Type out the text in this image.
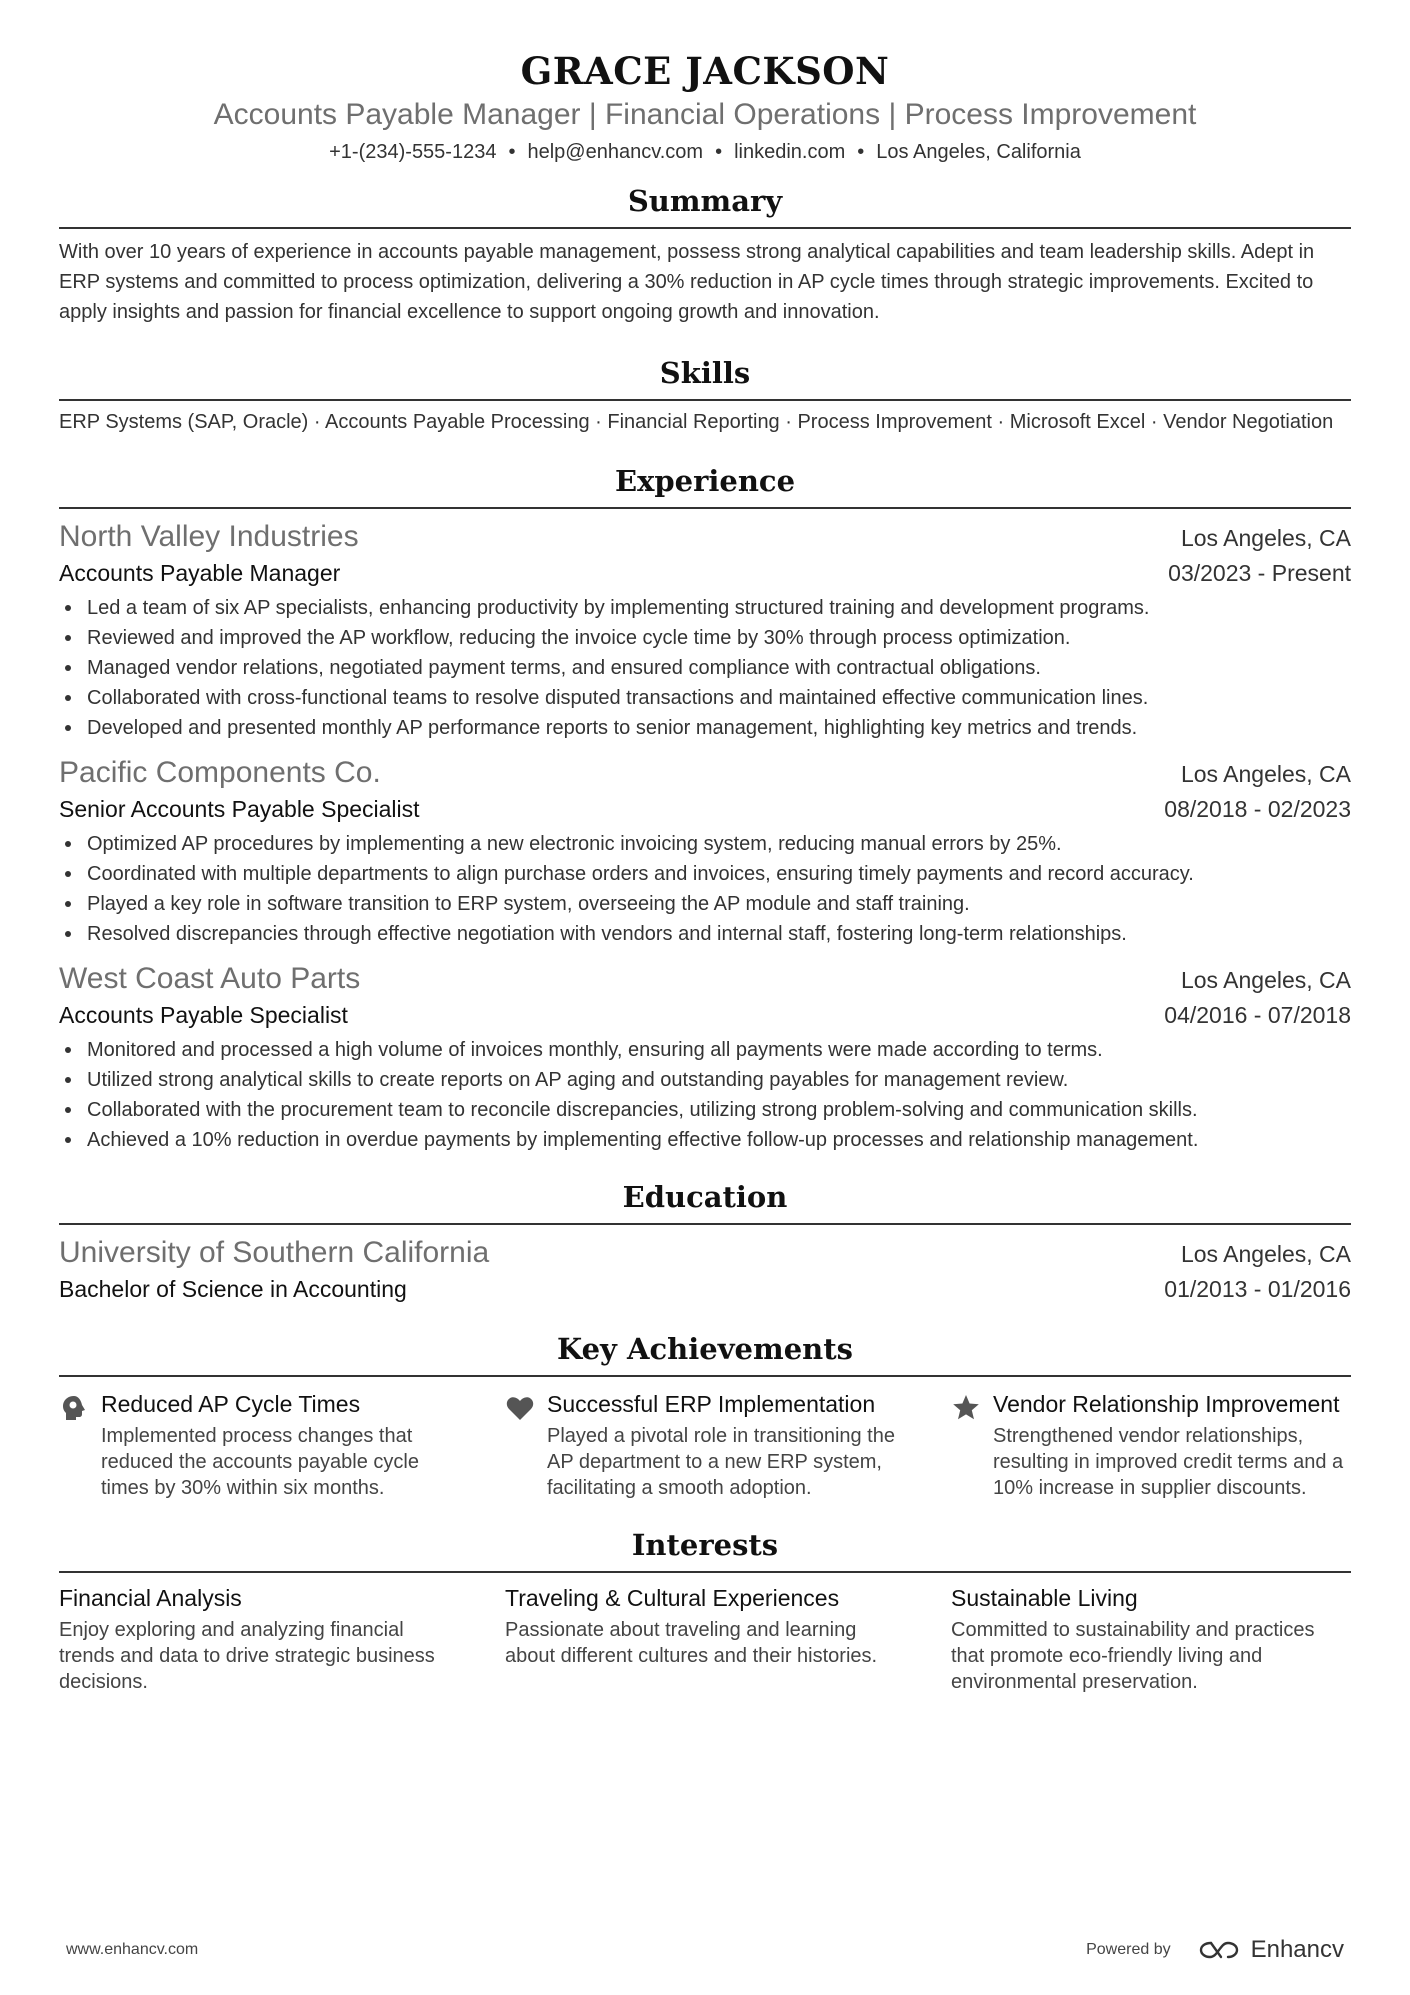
GRACE JACKSON
Accounts Payable Manager | Financial Operations | Process Improvement
+1-(234)-555-1234 • help@enhancv.com • linkedin.com • Los Angeles, California
Summary
With over 10 years of experience in accounts payable management, possess strong analytical capabilities and team leadership skills. Adept in ERP systems and committed to process optimization, delivering a 30% reduction in AP cycle times through strategic improvements. Excited to apply insights and passion for financial excellence to support ongoing growth and innovation.
Skills
ERP Systems (SAP, Oracle) · Accounts Payable Processing · Financial Reporting · Process Improvement · Microsoft Excel · Vendor Negotiation
Experience
North Valley Industries	Los Angeles, CA
Accounts Payable Manager	03/2023 - Present
Led a team of six AP specialists, enhancing productivity by implementing structured training and development programs.
Reviewed and improved the AP workflow, reducing the invoice cycle time by 30% through process optimization.
Managed vendor relations, negotiated payment terms, and ensured compliance with contractual obligations.
Collaborated with cross-functional teams to resolve disputed transactions and maintained effective communication lines.
Developed and presented monthly AP performance reports to senior management, highlighting key metrics and trends.
Pacific Components Co.	Los Angeles, CA
Senior Accounts Payable Specialist	08/2018 - 02/2023
Optimized AP procedures by implementing a new electronic invoicing system, reducing manual errors by 25%.
Coordinated with multiple departments to align purchase orders and invoices, ensuring timely payments and record accuracy.
Played a key role in software transition to ERP system, overseeing the AP module and staff training.
Resolved discrepancies through effective negotiation with vendors and internal staff, fostering long-term relationships.
West Coast Auto Parts	Los Angeles, CA
Accounts Payable Specialist	04/2016 - 07/2018
Monitored and processed a high volume of invoices monthly, ensuring all payments were made according to terms.
Utilized strong analytical skills to create reports on AP aging and outstanding payables for management review.
Collaborated with the procurement team to reconcile discrepancies, utilizing strong problem-solving and communication skills.
Achieved a 10% reduction in overdue payments by implementing effective follow-up processes and relationship management.
Education
University of Southern California	Los Angeles, CA
Bachelor of Science in Accounting	01/2013 - 01/2016
Key Achievements
Reduced AP Cycle Times
Implemented process changes that reduced the accounts payable cycle times by 30% within six months.
Successful ERP Implementation
Played a pivotal role in transitioning the AP department to a new ERP system, facilitating a smooth adoption.
Vendor Relationship Improvement
Strengthened vendor relationships, resulting in improved credit terms and a 10% increase in supplier discounts.
Interests
Financial Analysis
Enjoy exploring and analyzing financial trends and data to drive strategic business decisions.
Traveling & Cultural Experiences
Passionate about traveling and learning about different cultures and their histories.
Sustainable Living
Committed to sustainability and practices that promote eco-friendly living and environmental preservation.
www.enhancv.com	Powered by	Enhancv
